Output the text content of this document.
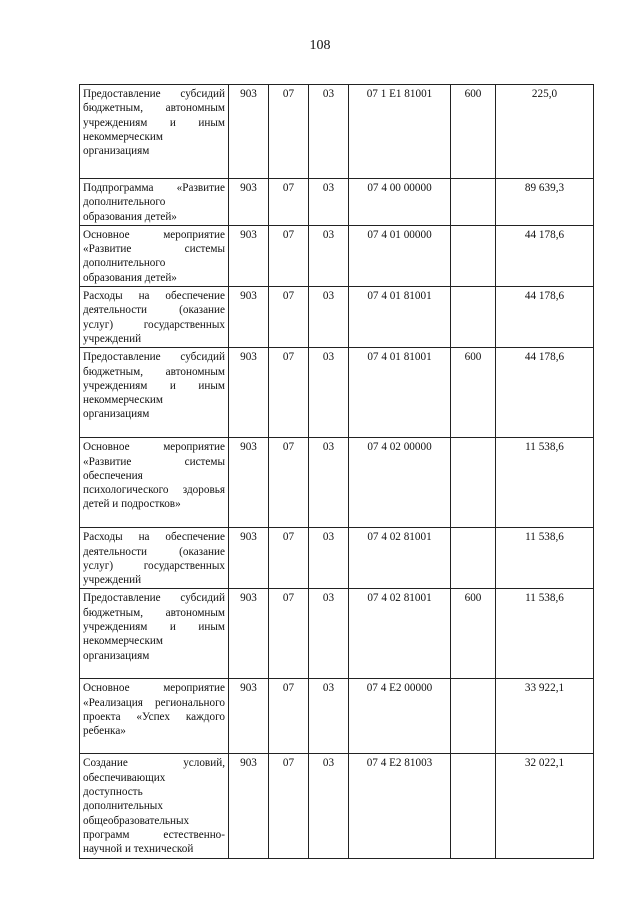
108
Предоставление субсидий бюджетным, автономным учреждениям и иным некоммерческим организациям	903	07	03	07 1 E1 81001	600	225,0
Подпрограмма «Развитие дополнительного образования детей»	903	07	03	07 4 00 00000		89 639,3
Основное мероприятие «Развитие системы дополнительного образования детей»	903	07	03	07 4 01 00000		44 178,6
Расходы на обеспечение деятельности (оказание услуг) государственных учреждений	903	07	03	07 4 01 81001		44 178,6
Предоставление субсидий бюджетным, автономным учреждениям и иным некоммерческим организациям	903	07	03	07 4 01 81001	600	44 178,6
Основное мероприятие «Развитие системы обеспечения психологического здоровья детей и подростков»	903	07	03	07 4 02 00000		11 538,6
Расходы на обеспечение деятельности (оказание услуг) государственных учреждений	903	07	03	07 4 02 81001		11 538,6
Предоставление субсидий бюджетным, автономным учреждениям и иным некоммерческим организациям	903	07	03	07 4 02 81001	600	11 538,6
Основное мероприятие «Реализация регионального проекта «Успех каждого ребенка»	903	07	03	07 4 E2 00000		33 922,1
Создание условий, обеспечивающих доступность дополнительных общеобразовательных программ естественно-научной и технической	903	07	03	07 4 E2 81003		32 022,1
